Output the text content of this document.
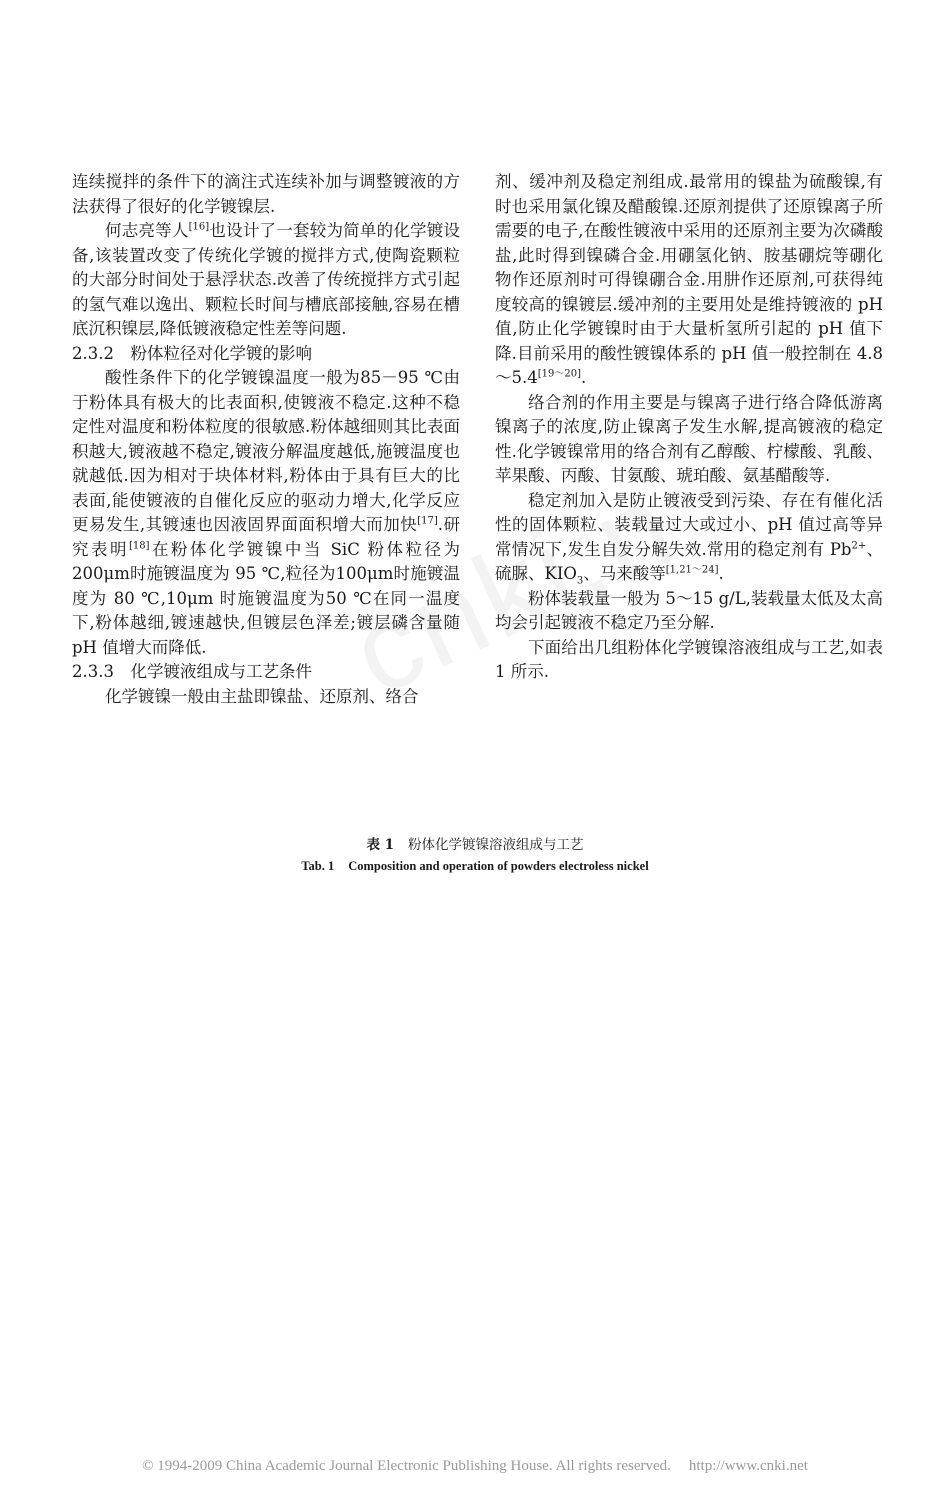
连续搅拌的条件下的滴注式连续补加与调整镀液的方法获得了很好的化学镀镍层.

何志亮等人[16]也设计了一套较为简单的化学镀设备,该装置改变了传统化学镀的搅拌方式,使陶瓷颗粒的大部分时间处于悬浮状态.改善了传统搅拌方式引起的氢气难以逸出、颗粒长时间与槽底部接触,容易在槽底沉积镍层,降低镀液稳定性差等问题.

2.3.2　粉体粒径对化学镀的影响

酸性条件下的化学镀镍温度一般为85－95 ℃由于粉体具有极大的比表面积,使镀液不稳定.这种不稳定性对温度和粉体粒度的很敏感.粉体越细则其比表面积越大,镀液越不稳定,镀液分解温度越低,施镀温度也就越低.因为相对于块体材料,粉体由于具有巨大的比表面,能使镀液的自催化反应的驱动力增大,化学反应更易发生,其镀速也因液固界面面积增大而加快[17].研究表明[18]在粉体化学镀镍中当 SiC 粉体粒径为200μm时施镀温度为 95 ℃,粒径为100μm时施镀温度为 80 ℃,10μm 时施镀温度为50 ℃在同一温度下,粉体越细,镀速越快,但镀层色泽差;镀层磷含量随 pH 值增大而降低.

2.3.3　化学镀液组成与工艺条件

化学镀镍一般由主盐即镍盐、还原剂、络合

剂、缓冲剂及稳定剂组成.最常用的镍盐为硫酸镍,有时也采用氯化镍及醋酸镍.还原剂提供了还原镍离子所需要的电子,在酸性镀液中采用的还原剂主要为次磷酸盐,此时得到镍磷合金.用硼氢化钠、胺基硼烷等硼化物作还原剂时可得镍硼合金.用肼作还原剂,可获得纯度较高的镍镀层.缓冲剂的主要用处是维持镀液的 pH 值,防止化学镀镍时由于大量析氢所引起的 pH 值下降.目前采用的酸性镀镍体系的 pH 值一般控制在 4.8～5.4[19～20].

络合剂的作用主要是与镍离子进行络合降低游离镍离子的浓度,防止镍离子发生水解,提高镀液的稳定性.化学镀镍常用的络合剂有乙醇酸、柠檬酸、乳酸、苹果酸、丙酸、甘氨酸、琥珀酸、氨基醋酸等.

稳定剂加入是防止镀液受到污染、存在有催化活性的固体颗粒、装载量过大或过小、pH 值过高等异常情况下,发生自发分解失效.常用的稳定剂有 $Pb^{2+}$、硫脲、$KIO_3$、马来酸等[1,21～24].

粉体装载量一般为 5～15 g/L,装载量太低及太高均会引起镀液不稳定乃至分解.

下面给出几组粉体化学镀镍溶液组成与工艺,如表 1 所示.

表 1 粉体化学镀镍溶液组成与工艺
Tab. 1 Composition and operation of powders electroless nickel
© 1994-2009 China Academic Journal Electronic Publishing House. All rights reserved. http://www.cnki.net
